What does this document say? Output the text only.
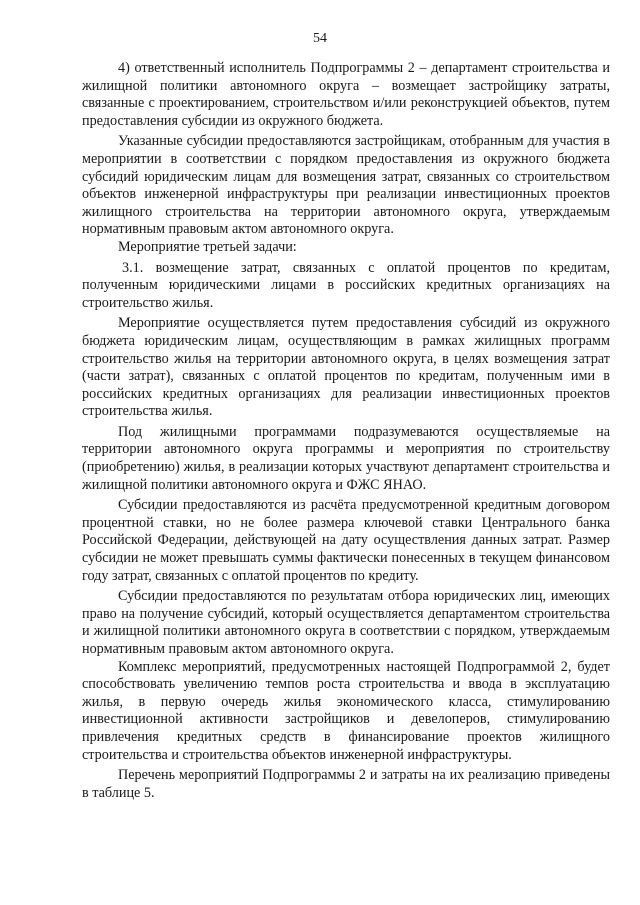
54

4) ответственный исполнитель Подпрограммы 2 – департамент строительства и жилищной политики автономного округа – возмещает застройщику затраты, связанные с проектированием, строительством и/или реконструкцией объектов, путем предоставления субсидии из окружного бюджета.

Указанные субсидии предоставляются застройщикам, отобранным для участия в мероприятии в соответствии с порядком предоставления из окружного бюджета субсидий юридическим лицам для возмещения затрат, связанных со строительством объектов инженерной инфраструктуры при реализации инвестиционных проектов жилищного строительства на территории автономного округа, утверждаемым нормативным правовым актом автономного округа.

Мероприятие третьей задачи:

3.1. возмещение затрат, связанных с оплатой процентов по кредитам, полученным юридическими лицами в российских кредитных организациях на строительство жилья.

Мероприятие осуществляется путем предоставления субсидий из окружного бюджета юридическим лицам, осуществляющим в рамках жилищных программ строительство жилья на территории автономного округа, в целях возмещения затрат (части затрат), связанных с оплатой процентов по кредитам, полученным ими в российских кредитных организациях для реализации инвестиционных проектов строительства жилья.

Под жилищными программами подразумеваются осуществляемые на территории автономного округа программы и мероприятия по строительству (приобретению) жилья, в реализации которых участвуют департамент строительства и жилищной политики автономного округа и ФЖС ЯНАО.

Субсидии предоставляются из расчёта предусмотренной кредитным договором процентной ставки, но не более размера ключевой ставки Центрального банка Российской Федерации, действующей на дату осуществления данных затрат. Размер субсидии не может превышать суммы фактически понесенных в текущем финансовом году затрат, связанных с оплатой процентов по кредиту.

Субсидии предоставляются по результатам отбора юридических лиц, имеющих право на получение субсидий, который осуществляется департаментом строительства и жилищной политики автономного округа в соответствии с порядком, утверждаемым нормативным правовым актом автономного округа.

Комплекс мероприятий, предусмотренных настоящей Подпрограммой 2, будет способствовать увеличению темпов роста строительства и ввода в эксплуатацию жилья, в первую очередь жилья экономического класса, стимулированию инвестиционной активности застройщиков и девелоперов, стимулированию привлечения кредитных средств в финансирование проектов жилищного строительства и строительства объектов инженерной инфраструктуры.

Перечень мероприятий Подпрограммы 2 и затраты на их реализацию приведены в таблице 5.
